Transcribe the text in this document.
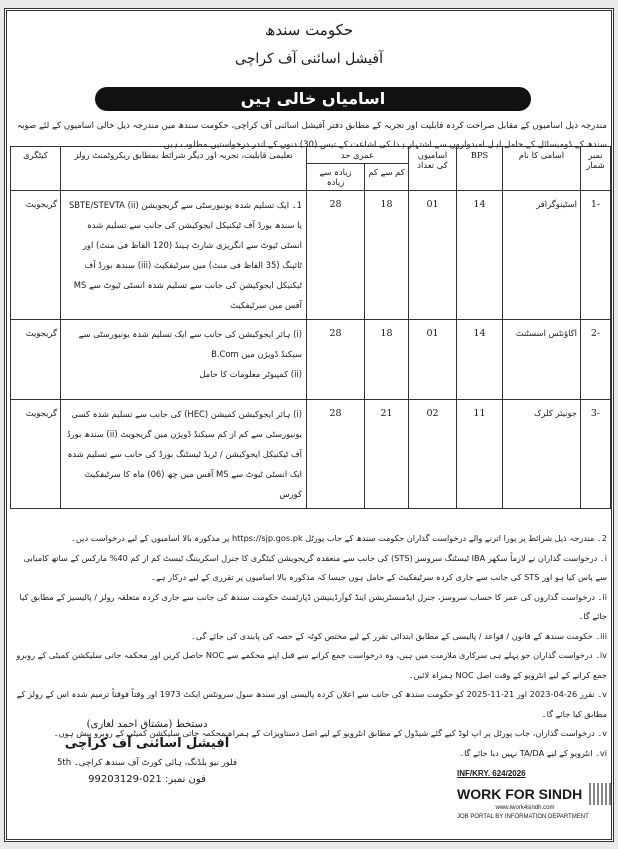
حکومت سندھ
آفیشل اسائنی آف کراچی
اسامیاں خالی ہیں
مندرجہ ذیل اسامیوں کے مقابل صراحت کردہ قابلیت اور تجربہ کے مطابق دفتر آفیشل اسائنی آف کراچی، حکومت سندھ میں مندرجہ ذیل خالی اسامیوں کے لئے صوبہ سندھ کے ڈومیسائل کے حامل اہل امیدواروں سے اشتہار ہذا کی اشاعت کے تیس (30) دنوں کے اندر درخواستیں مطلوب ہیں۔
نمبر شمار	اسامی کا نام	BPS	اسامیوں کی تعداد	عمری حد		تعلیمی قابلیت، تجربہ اور دیگر شرائط بمطابق ریکروٹمنٹ رولز	کیٹگری
				کم سے کم	زیادہ سے زیادہ		
-1	اسٹینوگرافر	14	01	18	28	1۔ ایک تسلیم شدہ یونیورسٹی سے گریجویشن (ii) SBTE/STEVTA یا سندھ بورڈ آف ٹیکنیکل ایجوکیشن کی جانب سے تسلیم شدہ انسٹی ٹیوٹ سے انگریزی شارٹ ہینڈ (120 الفاظ فی منٹ) اور ٹائپنگ (35 الفاظ فی منٹ) میں سرٹیفکیٹ (iii) سندھ بورڈ آف ٹیکنیکل ایجوکیشن کی جانب سے تسلیم شدہ انسٹی ٹیوٹ سے MS آفس میں سرٹیفکیٹ	گریجویٹ
-2	اکاؤنٹس اسسٹنٹ	14	01	18	28	(i) ہائر ایجوکیشن کی جانب سے ایک تسلیم شدہ یونیورسٹی سے سیکنڈ ڈویژن میں B.Com
(ii) کمپیوٹر معلومات کا حامل	گریجویٹ
-3	جونیئر کلرک	11	02	21	28	(i) ہائر ایجوکیشن کمیشن (HEC) کی جانب سے تسلیم شدہ کسی یونیورسٹی سے کم از کم سیکنڈ ڈویژن میں گریجویٹ (ii) سندھ بورڈ آف ٹیکنیکل ایجوکیشن / ٹریڈ ٹیسٹنگ بورڈ کی جانب سے تسلیم شدہ ایک انسٹی ٹیوٹ سے MS آفس میں چھ (06) ماہ کا سرٹیفکیٹ کورس	گریجویٹ

2۔ مندرجہ ذیل شرائط پر پورا اترنے والے درخواست گذاران حکومت سندھ کے جاب پورٹل https://sjp.gos.pk پر مذکورہ بالا اسامیوں کے لیے درخواست دیں۔

i۔ درخواست گذاران نے لازماً سکھر IBA ٹیسٹنگ سروسز (STS) کی جانب سے منعقدہ گریجویشن کیٹگری کا جنرل اسکریننگ ٹیسٹ کم از کم 40% مارکس کے ساتھ کامیابی سے پاس کیا ہو اور STS کی جانب سے جاری کردہ سرٹیفکیٹ کے حامل ہوں جیسا کہ مذکورہ بالا اسامیوں پر تقرری کے لیے درکار ہے۔

ii۔ درخواست گذاروں کی عمر کا حساب سروسز، جنرل ایڈمنسٹریشن اینڈ کوآرڈینیشن ڈپارٹمنٹ حکومت سندھ کی جانب سے جاری کردہ متعلقہ رولز / پالیسیز کے مطابق کیا جائے گا۔

iii۔ حکومت سندھ کے قانون / قواعد / پالیسی کے مطابق ابتدائی تقرر کے لیے مختص کوٹہ کے حصہ کی پابندی کی جائے گی۔

iv۔ درخواست گذاران جو پہلے ہی سرکاری ملازمت میں ہیں، وہ درخواست جمع کرانے سے قبل اپنے محکمے سے NOC حاصل کریں اور محکمہ جاتی سلیکشن کمیٹی کے روبرو جمع کرانے کے لیے انٹرویو کے وقت اصل NOC ہمراہ لائیں۔

v۔ تقرر 26-04-2023 اور 21-11-2025 کو حکومت سندھ کی جانب سے اعلان کردہ پالیسی اور سندھ سول سرونٹس ایکٹ 1973 اور وقتاً فوقتاً ترمیم شدہ اس کے رولز کے مطابق کیا جائے گا۔

v۔ درخواست گذاران، جاب پورٹل پر اپ لوڈ کیے گئے شیڈول کے مطابق انٹرویو کے لیے اصل دستاویزات کے ہمراہ محکمہ جاتی سلیکشن کمیٹی کے روبرو پیش ہوں۔

vi۔ انٹرویو کے لیے TA/DA نہیں دیا جائے گا۔

دستخط (مشتاق احمد لغاری)
آفیشل اسائنی آف کراچی
5th فلور نیو بلڈنگ، ہائی کورٹ آف سندھ کراچی۔
فون نمبر: 021-99203129
INF/KRY. 624/2026
WORK FOR SINDH
www.iwork4sindh.com
JOB PORTAL BY INFORMATION DEPARTMENT
